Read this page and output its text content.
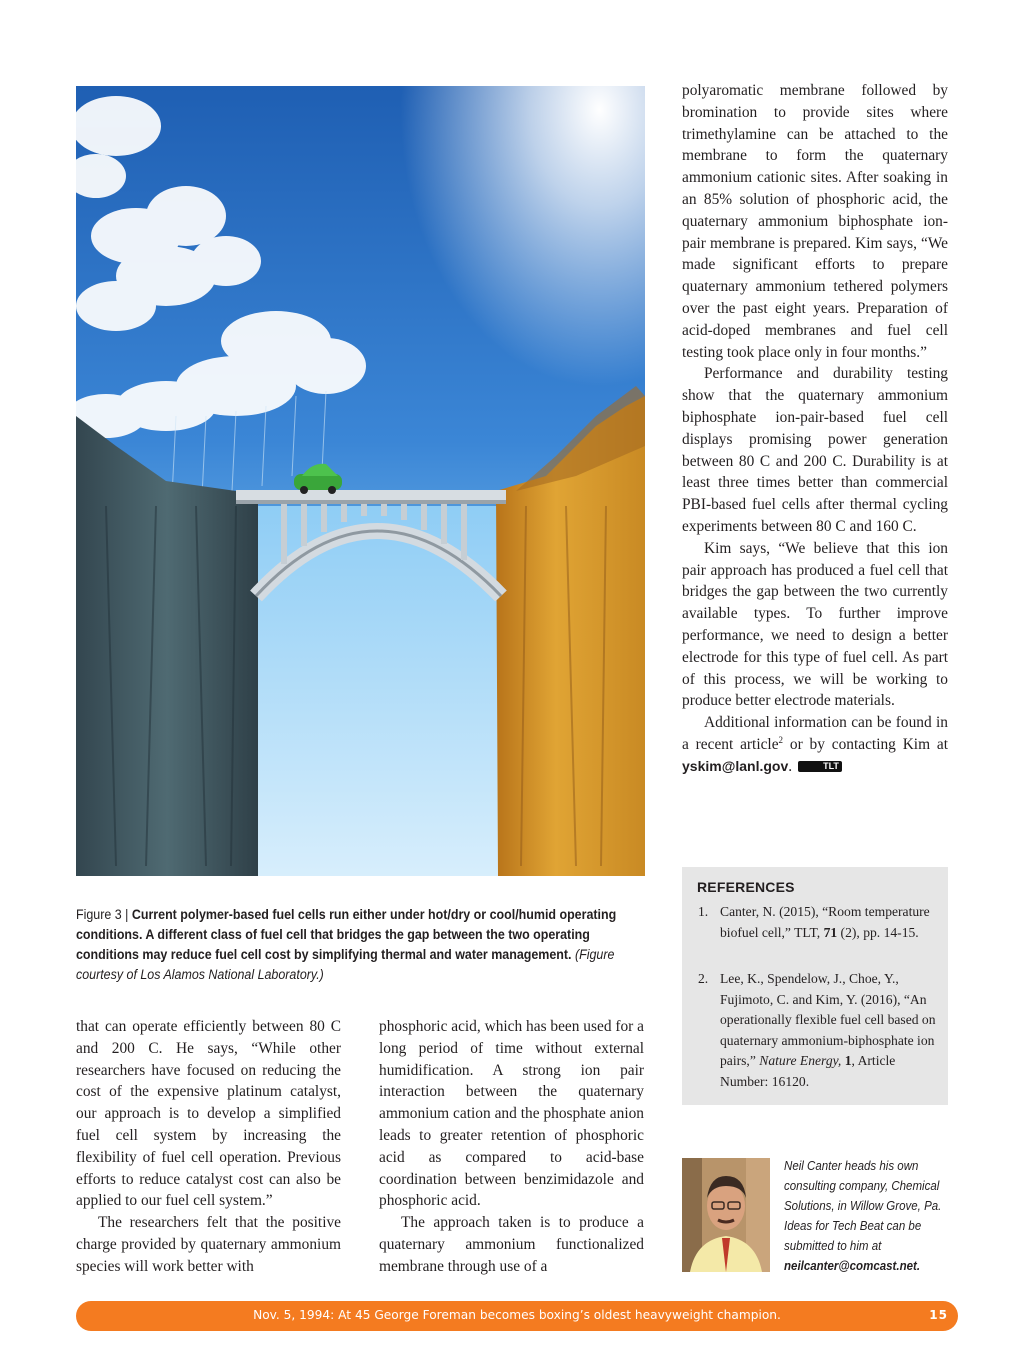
Figure 3 | Current polymer-based fuel cells run either under hot/dry or cool/humid operating conditions. A different class of fuel cell that bridges the gap between the two operating conditions may reduce fuel cell cost by simplifying thermal and water management. (Figure courtesy of Los Alamos National Laboratory.)

that can operate efficiently between 80 C and 200 C. He says, “While other researchers have focused on reducing the cost of the expensive platinum catalyst, our approach is to develop a simplified fuel cell system by increasing the flexibility of fuel cell operation. Previous efforts to reduce catalyst cost can also be applied to our fuel cell system.”

The researchers felt that the positive charge provided by quaternary ammonium species will work better with

phosphoric acid, which has been used for a long period of time without external humidification. A strong ion pair interaction between the quaternary ammonium cation and the phosphate anion leads to greater retention of phosphoric acid as compared to acid-base coordination between benzimidazole and phosphoric acid.

The approach taken is to produce a quaternary ammonium functionalized membrane through use of a

polyaromatic membrane followed by bromination to provide sites where trimethylamine can be attached to the membrane to form the quaternary ammonium cationic sites. After soaking in an 85% solution of phosphoric acid, the quaternary ammonium biphosphate ion-pair membrane is prepared. Kim says, “We made significant efforts to prepare quaternary ammonium tethered polymers over the past eight years. Preparation of acid-doped membranes and fuel cell testing took place only in four months.”

Performance and durability testing show that the quaternary ammonium biphosphate ion-pair-based fuel cell displays promising power generation between 80 C and 200 C. Durability is at least three times better than commercial PBI-based fuel cells after thermal cycling experiments between 80 C and 160 C.

Kim says, “We believe that this ion pair approach has produced a fuel cell that bridges the gap between the two currently available types. To further improve performance, we need to design a better electrode for this type of fuel cell. As part of this process, we will be working to produce better electrode materials.

Additional information can be found in a recent article$^2$ or by contacting Kim at yskim@lanl.gov.	TLT

REFERENCES
1. Canter, N. (2015), “Room temperature biofuel cell,” TLT, 71 (2), pp. 14-15.
2. Lee, K., Spendelow, J., Choe, Y., Fujimoto, C. and Kim, Y. (2016), “An operationally flexible fuel cell based on quaternary ammonium-biphosphate ion pairs,” Nature Energy, 1, Article Number: 16120.
Neil Canter heads his own consulting company, Chemical Solutions, in Willow Grove, Pa. Ideas for Tech Beat can be submitted to him at neilcanter@comcast.net.
Nov. 5, 1994: At 45 George Foreman becomes boxing’s oldest heavyweight champion.	15
